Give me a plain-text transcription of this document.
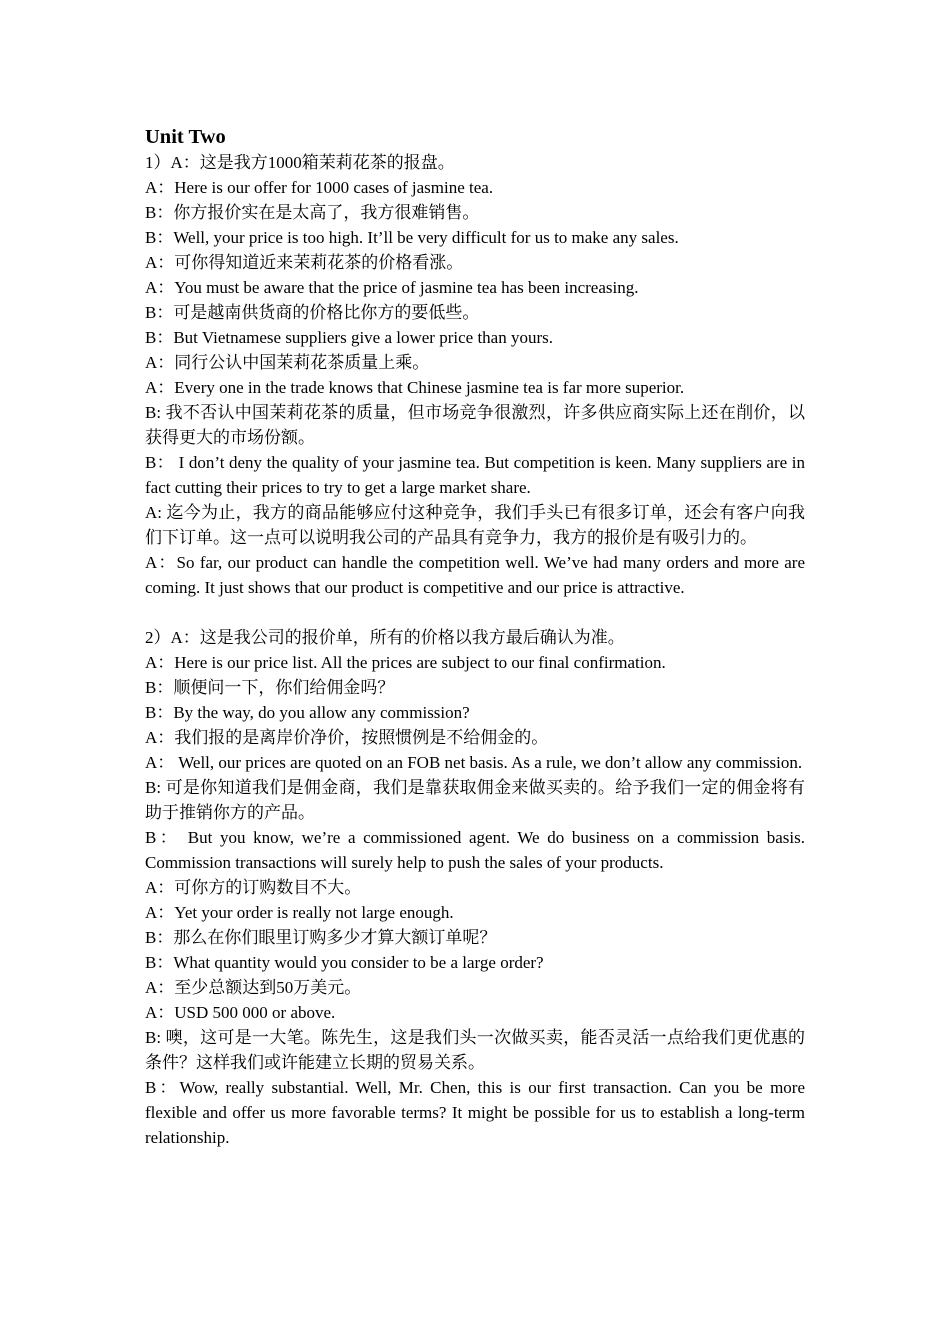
Unit Two

1）A：这是我方1000箱茉莉花茶的报盘。

A：Here is our offer for 1000 cases of jasmine tea.

B：你方报价实在是太高了，我方很难销售。

B：Well, your price is too high. It’ll be very difficult for us to make any sales.

A：可你得知道近来茉莉花茶的价格看涨。

A：You must be aware that the price of jasmine tea has been increasing.

B：可是越南供货商的价格比你方的要低些。

B：But Vietnamese suppliers give a lower price than yours.

A：同行公认中国茉莉花茶质量上乘。

A：Every one in the trade knows that Chinese jasmine tea is far more superior.

B: 我不否认中国茉莉花茶的质量，但市场竞争很激烈，许多供应商实际上还在削价，以获得更大的市场份额。

B： I don’t deny the quality of your jasmine tea. But competition is keen. Many suppliers are in fact cutting their prices to try to get a large market share.

A: 迄今为止，我方的商品能够应付这种竞争，我们手头已有很多订单，还会有客户向我们下订单。这一点可以说明我公司的产品具有竞争力，我方的报价是有吸引力的。

A：So far, our product can handle the competition well. We’ve had many orders and more are coming. It just shows that our product is competitive and our price is attractive.

2）A：这是我公司的报价单，所有的价格以我方最后确认为准。

A：Here is our price list. All the prices are subject to our final confirmation.

B：顺便问一下，你们给佣金吗？

B：By the way, do you allow any commission?

A：我们报的是离岸价净价，按照惯例是不给佣金的。

A： Well, our prices are quoted on an FOB net basis. As a rule, we don’t allow any commission.

B: 可是你知道我们是佣金商，我们是靠获取佣金来做买卖的。给予我们一定的佣金将有助于推销你方的产品。

B： But you know, we’re a commissioned agent. We do business on a commission basis. Commission transactions will surely help to push the sales of your products.

A：可你方的订购数目不大。

A：Yet your order is really not large enough.

B：那么在你们眼里订购多少才算大额订单呢？

B：What quantity would you consider to be a large order?

A：至少总额达到50万美元。

A：USD 500 000 or above.

B: 噢，这可是一大笔。陈先生，这是我们头一次做买卖，能否灵活一点给我们更优惠的条件？这样我们或许能建立长期的贸易关系。

B：Wow, really substantial. Well, Mr. Chen, this is our first transaction. Can you be more flexible and offer us more favorable terms? It might be possible for us to establish a long-term relationship.
